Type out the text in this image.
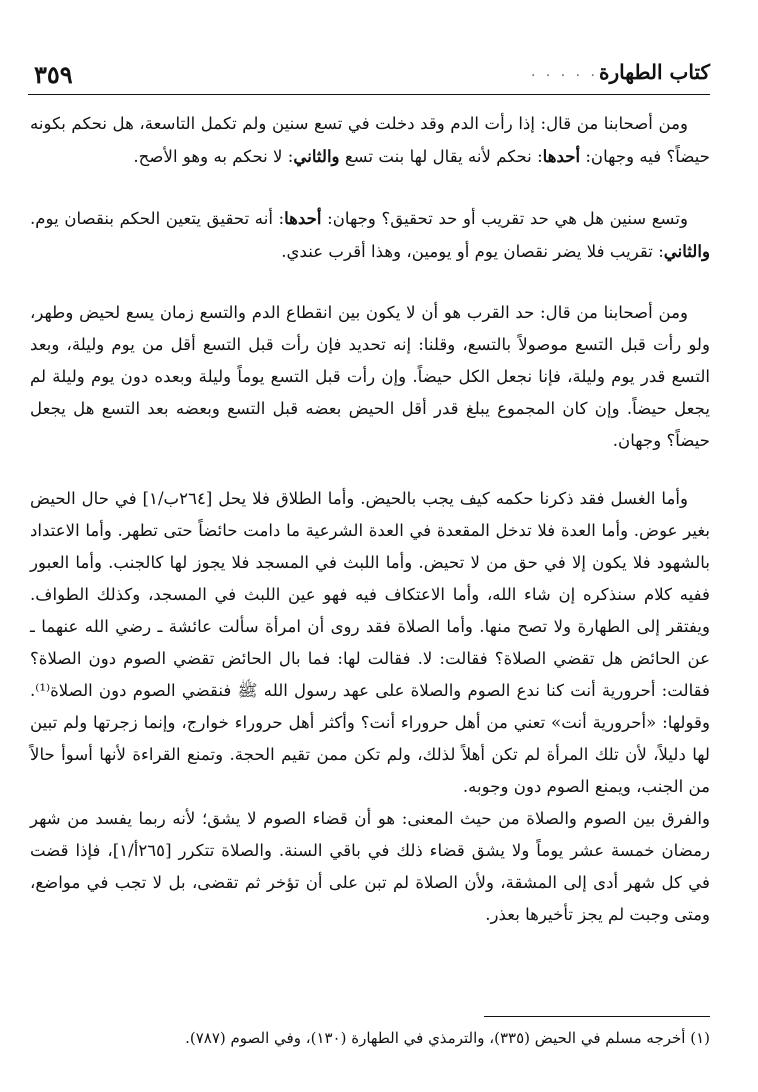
٣٥٩	· · · · · كتاب الطهارة

ومن أصحابنا من قال: إذا رأت الدم وقد دخلت في تسع سنين ولم تكمل التاسعة، هل نحكم بكونه حيضاً؟ فيه وجهان: أحدها: نحكم لأنه يقال لها بنت تسع والثاني: لا نحكم به وهو الأصح.

وتسع سنين هل هي حد تقريب أو حد تحقيق؟ وجهان: أحدها: أنه تحقيق يتعين الحكم بنقصان يوم. والثاني: تقريب فلا يضر نقصان يوم أو يومين، وهذا أقرب عندي.

ومن أصحابنا من قال: حد القرب هو أن لا يكون بين انقطاع الدم والتسع زمان يسع لحيض وطهر، ولو رأت قبل التسع موصولاً بالتسع، وقلنا: إنه تحديد فإن رأت قبل التسع أقل من يوم وليلة، وبعد التسع قدر يوم وليلة، فإنا نجعل الكل حيضاً. وإن رأت قبل التسع يوماً وليلة وبعده دون يوم وليلة لم يجعل حيضاً. وإن كان المجموع يبلغ قدر أقل الحيض بعضه قبل التسع وبعضه بعد التسع هل يجعل حيضاً؟ وجهان.

وأما الغسل فقد ذكرنا حكمه كيف يجب بالحيض. وأما الطلاق فلا يحل [٢٦٤ب/١] في حال الحيض بغير عوض. وأما العدة فلا تدخل المقعدة في العدة الشرعية ما دامت حائضاً حتى تطهر. وأما الاعتداد بالشهود فلا يكون إلا في حق من لا تحيض. وأما اللبث في المسجد فلا يجوز لها كالجنب. وأما العبور ففيه كلام سنذكره إن شاء الله، وأما الاعتكاف فيه فهو عين اللبث في المسجد، وكذلك الطواف. ويفتقر إلى الطهارة ولا تصح منها. وأما الصلاة فقد روى أن امرأة سألت عائشة ـ رضي الله عنهما ـ عن الحائض هل تقضي الصلاة؟ فقالت: لا. فقالت لها: فما بال الحائض تقضي الصوم دون الصلاة؟ فقالت: أحرورية أنت كنا ندع الصوم والصلاة على عهد رسول الله ﷺ فنقضي الصوم دون الصلاة⁽¹⁾. وقولها: «أحرورية أنت» تعني من أهل حروراء أنت؟ وأكثر أهل حروراء خوارج، وإنما زجرتها ولم تبين لها دليلاً، لأن تلك المرأة لم تكن أهلاً لذلك، ولم تكن ممن تقيم الحجة. وتمنع القراءة لأنها أسوأ حالاً من الجنب، ويمنع الصوم دون وجوبه.

والفرق بين الصوم والصلاة من حيث المعنى: هو أن قضاء الصوم لا يشق؛ لأنه ربما يفسد من شهر رمضان خمسة عشر يوماً ولا يشق قضاء ذلك في باقي السنة. والصلاة تتكرر [٢٦٥أ/١]، فإذا قضت في كل شهر أدى إلى المشقة، ولأن الصلاة لم تبن على أن تؤخر ثم تقضى، بل لا تجب في مواضع، ومتى وجبت لم يجز تأخيرها بعذر.

(١) أخرجه مسلم في الحيض (٣٣٥)، والترمذي في الطهارة (١٣٠)، وفي الصوم (٧٨٧).
